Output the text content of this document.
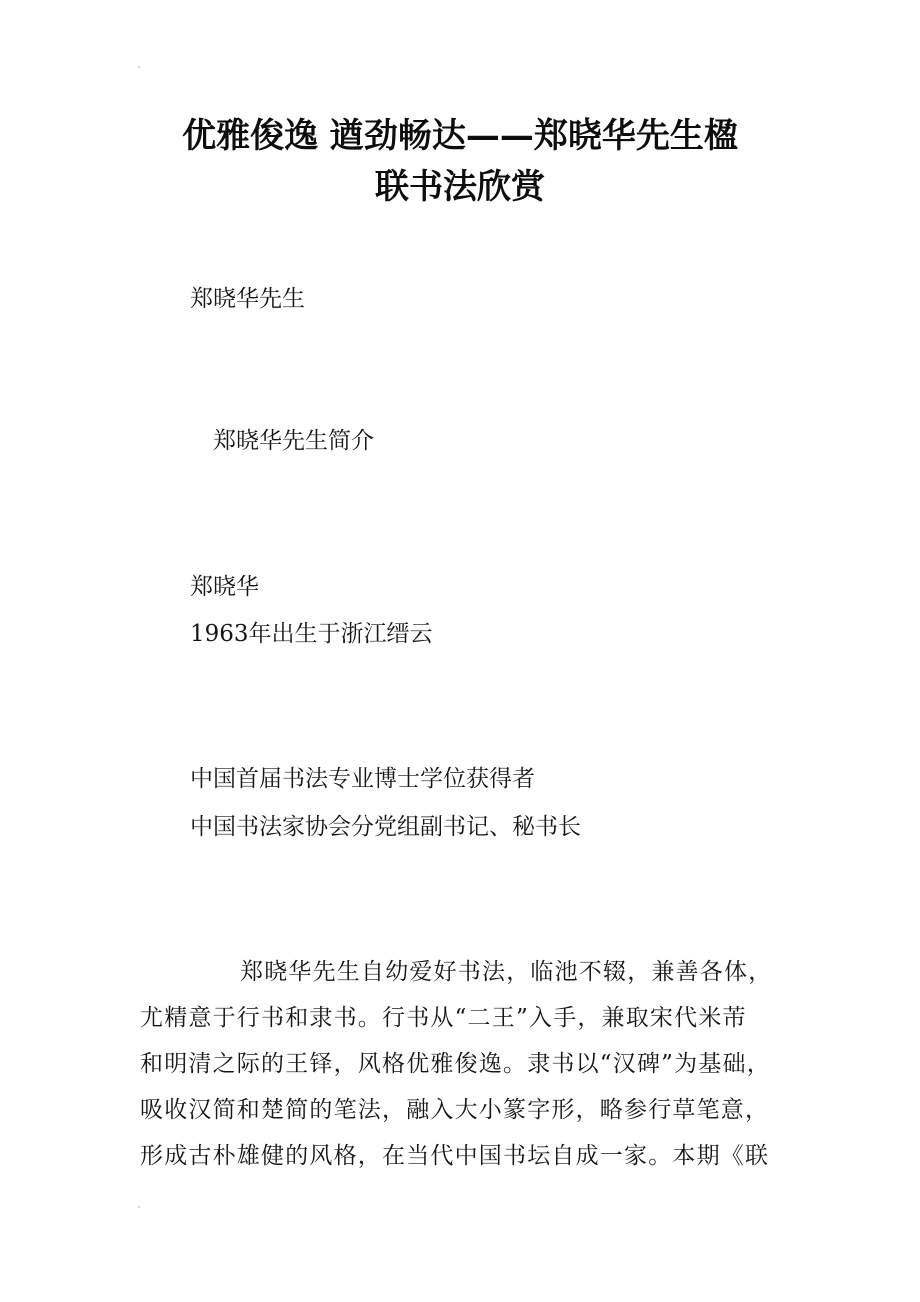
优雅俊逸 遒劲畅达——郑晓华先生楹
联书法欣赏
郑晓华先生
郑晓华先生简介
郑晓华
1963年出生于浙江缙云
中国首届书法专业博士学位获得者
中国书法家协会分党组副书记、秘书长
郑晓华先生自幼爱好书法，临池不辍，兼善各体，
尤精意于行书和隶书。行书从“二王”入手，兼取宋代米芾
和明清之际的王铎，风格优雅俊逸。隶书以“汉碑”为基础，
吸收汉简和楚简的笔法，融入大小篆字形，略参行草笔意，
形成古朴雄健的风格，在当代中国书坛自成一家。本期《联
